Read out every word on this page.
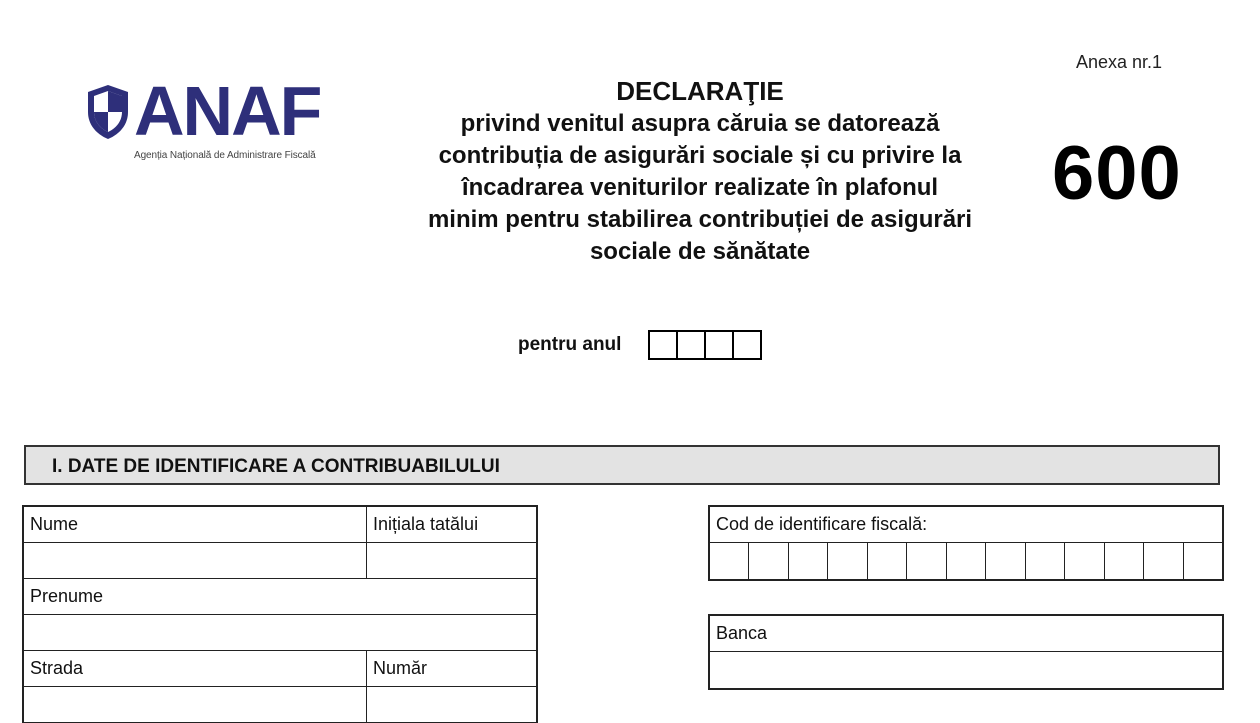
ANAF
Agenția Națională de Administrare Fiscală
Anexa nr.1
600
DECLARAŢIE
privind venitul asupra căruia se datorează
contribuția de asigurări sociale și cu privire la
încadrarea veniturilor realizate în plafonul
minim pentru stabilirea contribuției de asigurări
sociale de sănătate
pentru anul
I. DATE DE IDENTIFICARE A CONTRIBUABILULUI
Nume	Inițiala tatălui
Prenume
Strada	Număr
Cod de identificare fiscală:
Banca
